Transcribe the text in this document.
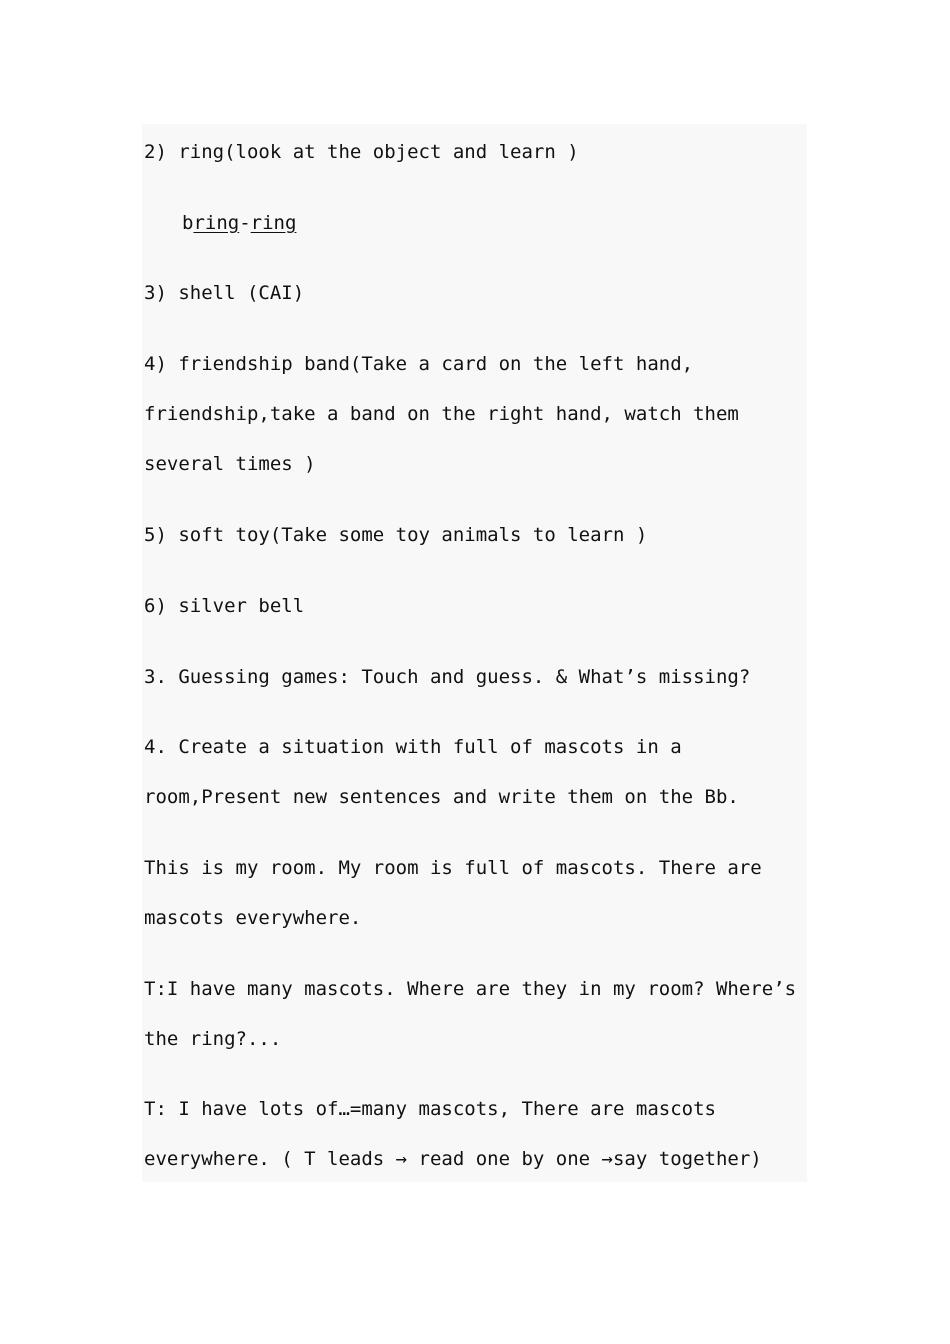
2) ring(look at the object and learn )
bring-ring
3) shell (CAI)
4) friendship band(Take a card on the left hand,
friendship,take a band on the right hand, watch them
several times )
5) soft toy(Take some toy animals to learn )
6) silver bell
3. Guessing games: Touch and guess. & What’s missing?
4. Create a situation with full of mascots in a
room,Present new sentences and write them on the Bb.
This is my room. My room is full of mascots. There are
mascots everywhere.
T:I have many mascots. Where are they in my room? Where’s
the ring?...
T: I have lots of…=many mascots, There are mascots
everywhere. ( T leads → read one by one →say together)
